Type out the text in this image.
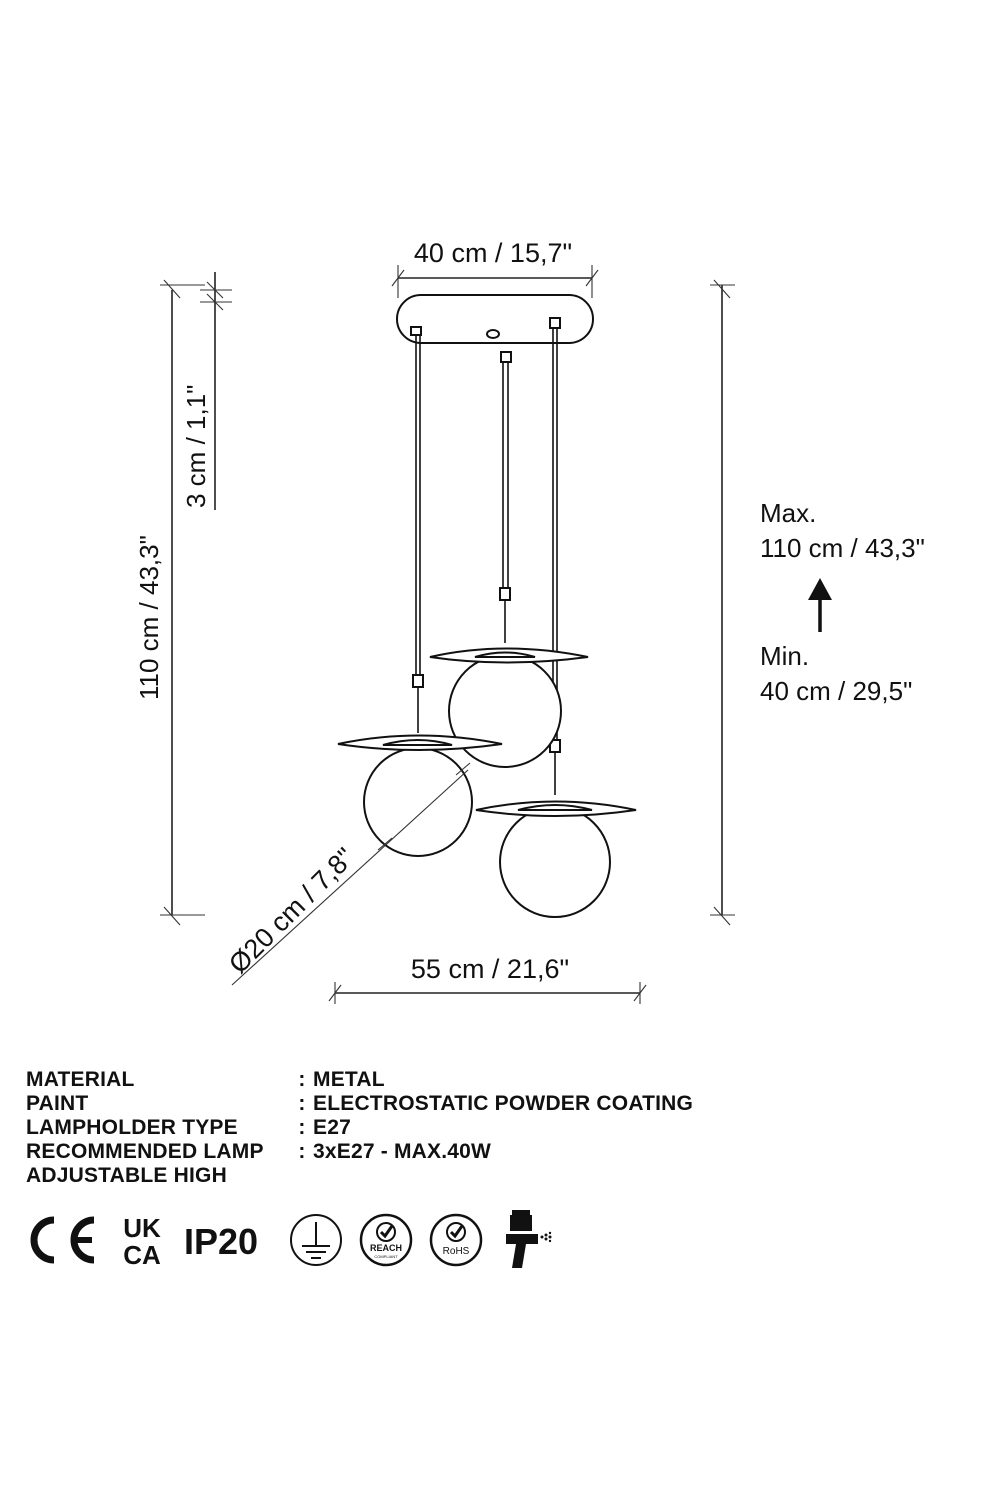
40 cm / 15,7"
Ø20 cm / 7,8" 55 cm / 21,6"
110 cm / 43,3"
3 cm / 1,1"
Max.
110 cm / 43,3"
Min.
40 cm / 29,5"
MATERIAL	: METAL
PAINT	: ELECTROSTATIC POWDER COATING
LAMPHOLDER TYPE	: E27
RECOMMENDED LAMP	: 3xE27 - MAX.40W
ADJUSTABLE HIGH
UK
CA IP20	REACH
COMPLIANT	RoHS
